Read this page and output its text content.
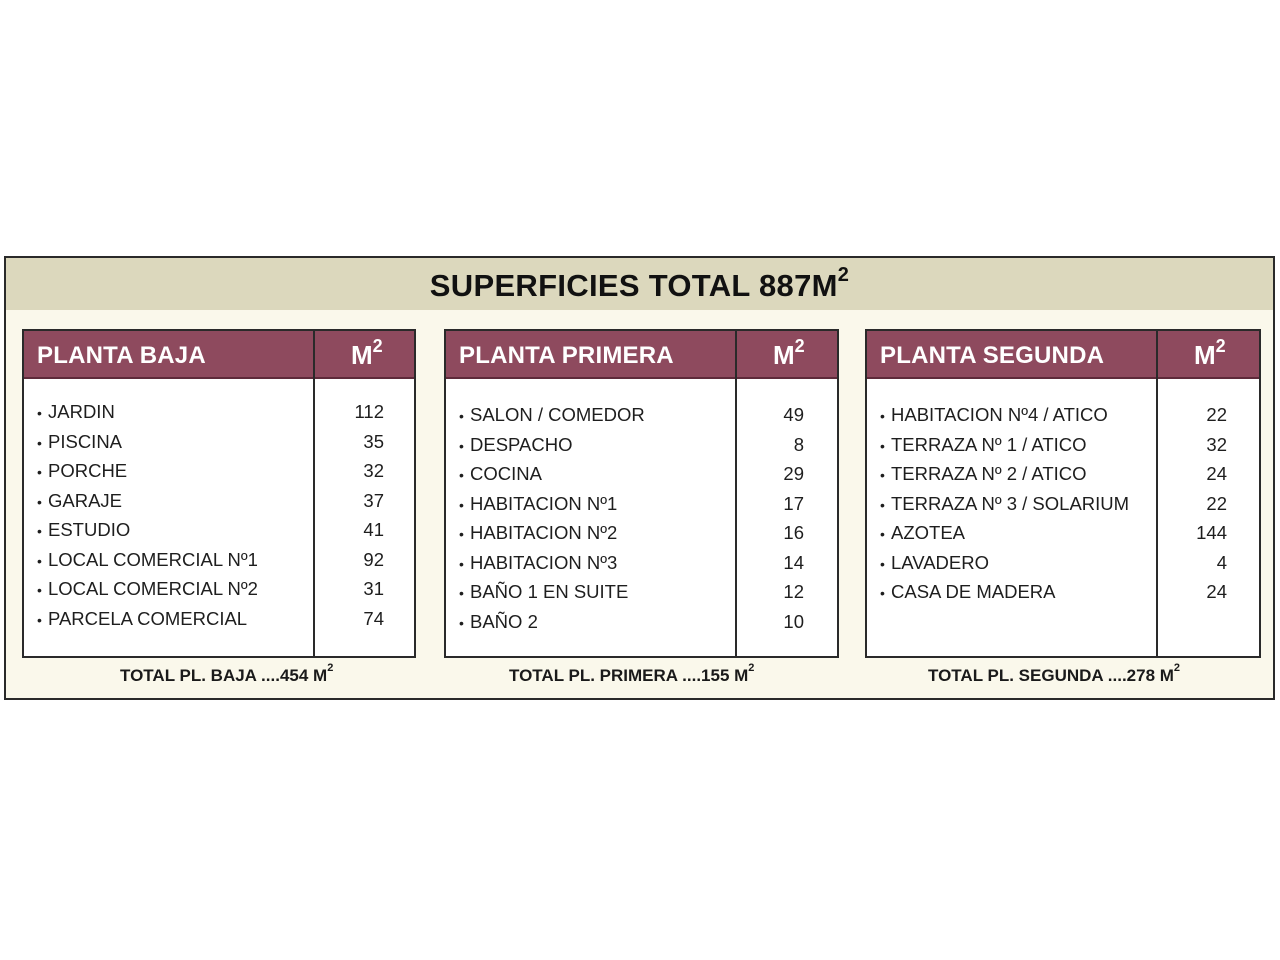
SUPERFICIES TOTAL $887M^2$
PLANTA BAJA	$M^2$
• JARDIN	112
• PISCINA	35
• PORCHE	32
• GARAJE	37
• ESTUDIO	41
• LOCAL COMERCIAL Nº1	92
• LOCAL COMERCIAL Nº2	31
• PARCELA COMERCIAL	74
PLANTA PRIMERA	$M^2$
• SALON / COMEDOR	49
• DESPACHO	8
• COCINA	29
• HABITACION Nº1	17
• HABITACION Nº2	16
• HABITACION Nº3	14
• BAÑO 1 EN SUITE	12
• BAÑO 2	10
PLANTA SEGUNDA	$M^2$
• HABITACION Nº4 / ATICO	22
• TERRAZA Nº 1 / ATICO	32
• TERRAZA Nº 2 / ATICO	24
• TERRAZA Nº 3 / SOLARIUM	22
• AZOTEA	144
• LAVADERO	4
• CASA DE MADERA	24
TOTAL PL. BAJA ....454 $M^2$	TOTAL PL. PRIMERA ....155 $M^2$	TOTAL PL. SEGUNDA ....278 $M^2$
